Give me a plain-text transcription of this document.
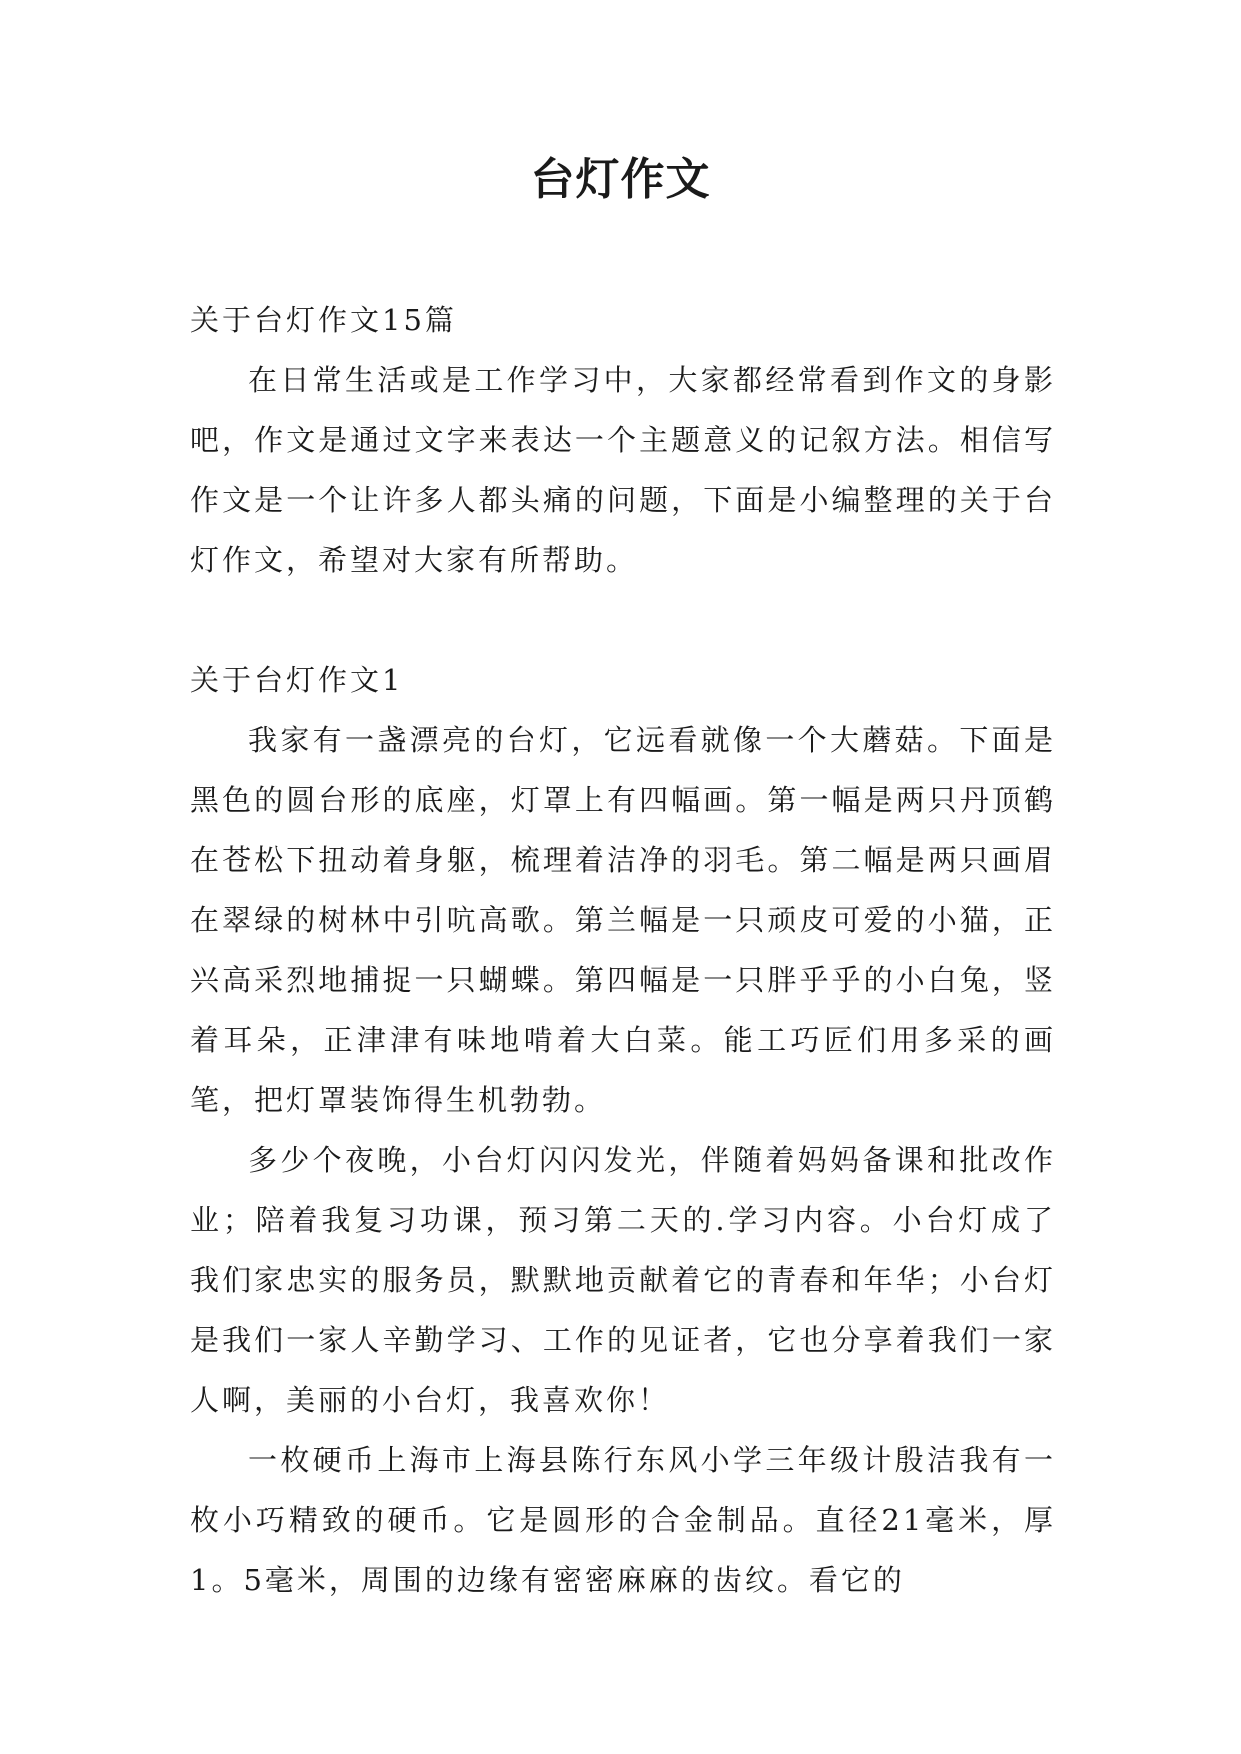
台灯作文

关于台灯作文15篇

在日常生活或是工作学习中，大家都经常看到作文的身影吧，作文是通过文字来表达一个主题意义的记叙方法。相信写作文是一个让许多人都头痛的问题，下面是小编整理的关于台灯作文，希望对大家有所帮助。

关于台灯作文1

我家有一盏漂亮的台灯，它远看就像一个大蘑菇。下面是黑色的圆台形的底座，灯罩上有四幅画。第一幅是两只丹顶鹤在苍松下扭动着身躯，梳理着洁净的羽毛。第二幅是两只画眉在翠绿的树林中引吭高歌。第兰幅是一只顽皮可爱的小猫，正兴高采烈地捕捉一只蝴蝶。第四幅是一只胖乎乎的小白兔，竖着耳朵，正津津有味地啃着大白菜。能工巧匠们用多采的画笔，把灯罩装饰得生机勃勃。

多少个夜晚，小台灯闪闪发光，伴随着妈妈备课和批改作业；陪着我复习功课，预习第二天的.学习内容。小台灯成了我们家忠实的服务员，默默地贡献着它的青春和年华；小台灯是我们一家人辛勤学习、工作的见证者，它也分享着我们一家人啊，美丽的小台灯，我喜欢你！

一枚硬币上海市上海县陈行东风小学三年级计殷洁我有一枚小巧精致的硬币。它是圆形的合金制品。直径21毫米，厚1。5毫米，周围的边缘有密密麻麻的齿纹。看它的
